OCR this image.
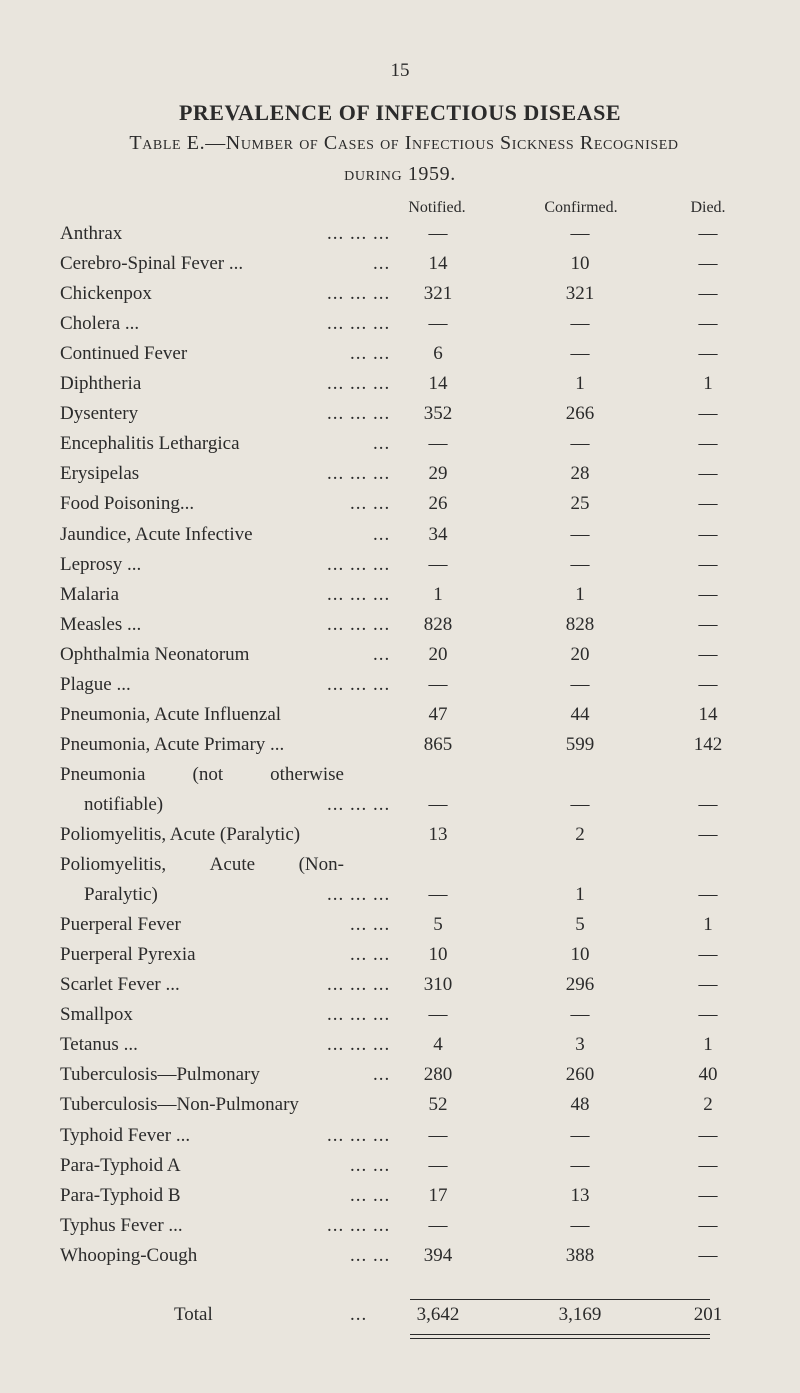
15
PREVALENCE OF INFECTIOUS DISEASE
Table E.—Number of Cases of Infectious Sickness Recognised
during 1959.
Notified.	Confirmed.	Died.
Anthrax	... ... ...	—	—	—
Cerebro-Spinal Fever ...	...	14	10	—
Chickenpox	... ... ...	321	321	—
Cholera ...	... ... ...	—	—	—
Continued Fever	... ...	6	—	—
Diphtheria	... ... ...	14	1	1
Dysentery	... ... ...	352	266	—
Encephalitis Lethargica	...	—	—	—
Erysipelas	... ... ...	29	28	—
Food Poisoning...	... ...	26	25	—
Jaundice, Acute Infective	...	34	—	—
Leprosy ...	... ... ...	—	—	—
Malaria	... ... ...	1	1	—
Measles ...	... ... ...	828	828	—
Ophthalmia Neonatorum	...	20	20	—
Plague ...	... ... ...	—	—	—
Pneumonia, Acute Influenzal	47	44	14
Pneumonia, Acute Primary ...	865	599	142
Pneumonia (not otherwise
notifiable)	... ... ...	—	—	—
Poliomyelitis, Acute (Paralytic)	13	2	—
Poliomyelitis, Acute (Non-
Paralytic)	... ... ...	—	1	—
Puerperal Fever	... ...	5	5	1
Puerperal Pyrexia	... ...	10	10	—
Scarlet Fever ...	... ... ...	310	296	—
Smallpox	... ... ...	—	—	—
Tetanus ...	... ... ...	4	3	1
Tuberculosis—Pulmonary	...	280	260	40
Tuberculosis—Non-Pulmonary	52	48	2
Typhoid Fever ...	... ... ...	—	—	—
Para-Typhoid A	... ...	—	—	—
Para-Typhoid B	... ...	17	13	—
Typhus Fever ...	... ... ...	—	—	—
Whooping-Cough	... ...	394	388	—
Total	...	3,642	3,169	201
